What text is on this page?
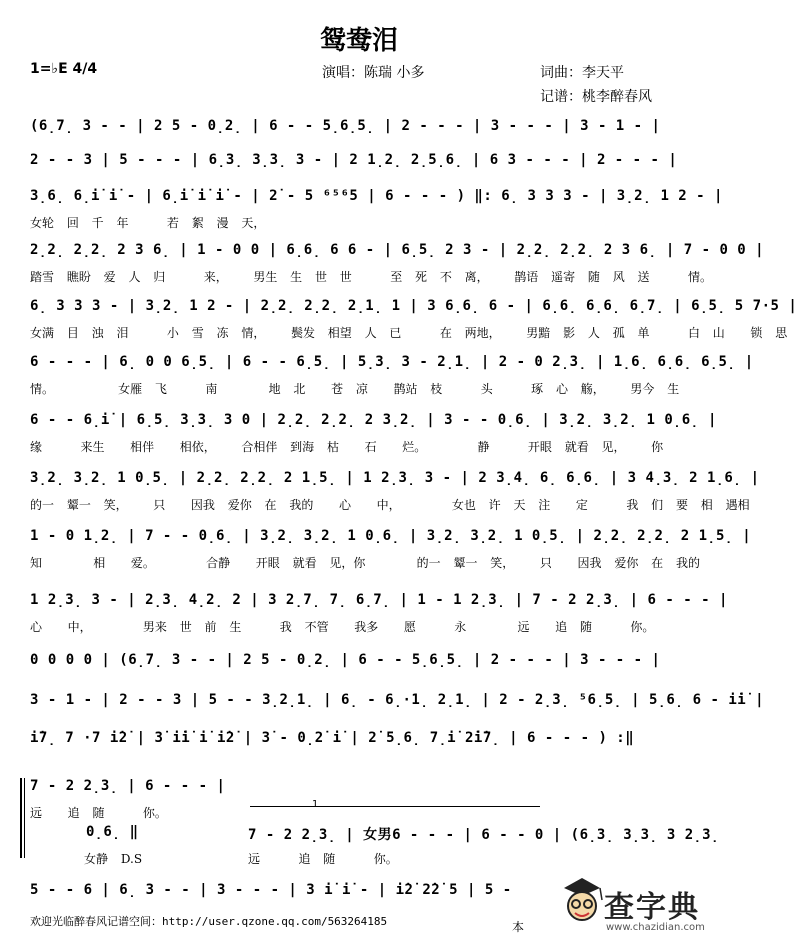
鸳鸯泪
1=♭E 4/4	演唱：陈瑞 小多	词曲：李天平
记谱：桃李醉春风
(6̣7̣ 3 - - | 2 5 - 0̣2̣ | 6 - - 5̣6̣5̣ | 2 - - - | 3 - - - | 3 - 1 - |
2 - - 3 | 5 - - - | 6̣3̣ 3̣3̣ 3 - | 2 1̣2̣ 2̣5̣6̣ | 6 3 - - - | 2 - - - |
3̣6̣ 6̣i̇ i̇ - | 6̣i̇ i̇ i̇ - | 2̇ - 5 ⁶⁵⁶5 | 6 - - - ) ‖: 6̣ 3 3 3 - | 3̣2̣ 1 2 - |
女轮 回 千 年   若 絮 漫 天，
2̣2̣ 2̣2̣ 2 3 6̣ | 1 - 0 0 | 6̣6̣ 6 6 - | 6̣5̣ 2 3 - | 2̣2̣ 2̣2̣ 2 3 6̣ | 7 - 0 0 |
踏雪 瞧盼 爱 人 归   来，  男生 生 世 世   至 死 不 离，  鹊语 遥寄 随 风 送   情。
6̣ 3 3 3 - | 3̣2̣ 1 2 - | 2̣2̣ 2̣2̣ 2̣1̣ 1 | 3 6̣6̣ 6 - | 6̣6̣ 6̣6̣ 6̣7̣ | 6̣5̣ 5 7·5 |
女满 目 浊 泪   小 雪 冻 情，  鬓发 相望 人 已   在 两地，  男黯 影 人 孤 单   白 山  锁 思
6 - - - | 6̣ 0 0 6̣5̣ | 6 - - 6̣5̣ | 5̣3̣ 3 - 2̣1̣ | 2 - 0 2̣3̣ | 1̣6̣ 6̣6̣ 6̣5̣ |
情。     女雁 飞   南    地 北  苍 凉  鹊站 枝   头   琢 心 觞，  男今 生
6 - - 6̣i̇ | 6̣5̣ 3̣3̣ 3 0 | 2̣2̣ 2̣2̣ 2 3̣2̣ | 3 - - 0̣6̣ | 3̣2̣ 3̣2̣ 1 0̣6̣ |
缘   来生  相伴  相依，  合相伴 到海 枯  石  烂。    静   开眼 就看 见，  你
3̣2̣ 3̣2̣ 1 0̣5̣ | 2̣2̣ 2̣2̣ 2 1̣5̣ | 1 2̣3̣ 3 - | 2 3̣4̣ 6̣ 6̣6̣ | 3 4̣3̣ 2 1̣6̣ |
的一 颦一 笑，  只  因我 爱你 在 我的  心  中，    女也 许 天 注  定   我 们 要 相 遇相
1 - 0 1̣2̣ | 7 - - 0̣6̣ | 3̣2̣ 3̣2̣ 1 0̣6̣ | 3̣2̣ 3̣2̣ 1 0̣5̣ | 2̣2̣ 2̣2̣ 2 1̣5̣ |
知    相  爱。    合静  开眼 就看 见，你    的一 颦一 笑，  只  因我 爱你 在 我的
1 2̣3̣ 3 - | 2̣3̣ 4̣2̣ 2 | 3 2̣7̣ 7̣ 6̣7̣ | 1 - 1 2̣3̣ | 7 - 2 2̣3̣ | 6 - - - |
心  中，    男来 世 前 生   我 不管  我多  愿   永    远  追 随   你。
0 0 0 0 | (6̣7̣ 3 - - | 2 5 - 0̣2̣ | 6 - - 5̣6̣5̣ | 2 - - - | 3 - - - |
3 - 1 - | 2 - - 3 | 5 - - 3̣2̣1̣ | 6̣ - 6̣·1̣ 2̣1̣ | 2 - 2̣3̣ ⁵6̣5̣ | 5̣6̣ 6 - i̇i̇ |
i̇7̣ 7 ·7 i̇2̇ | 3̇ i̇i̇ i̇ i̇2̇ | 3̇ - 0̣2̇ i̇ | 2̇ 5̣6̣ 7̣i̇ 2̇i̇7̣ | 6 - - - ) :‖
7 - 2 2̣3̣ | 6 - - - |
远  追 随   你。
0̣6̣ ‖
女静 D.S
1
7 - 2 2̣3̣ | 女男6 - - - | 6 - - 0 | (6̣3̣ 3̣3̣ 3 2̣3̣
远   追 随   你。
5 - - 6 | 6̣ 3 - - | 3 - - - | 3 i̇ i̇ - | i̇2̇ 2̇2̇ 5 | 5 -
欢迎光临醉春风记谱空间：http://user.qzone.qq.com/563264185	本
查字典
www.chazidian.com
